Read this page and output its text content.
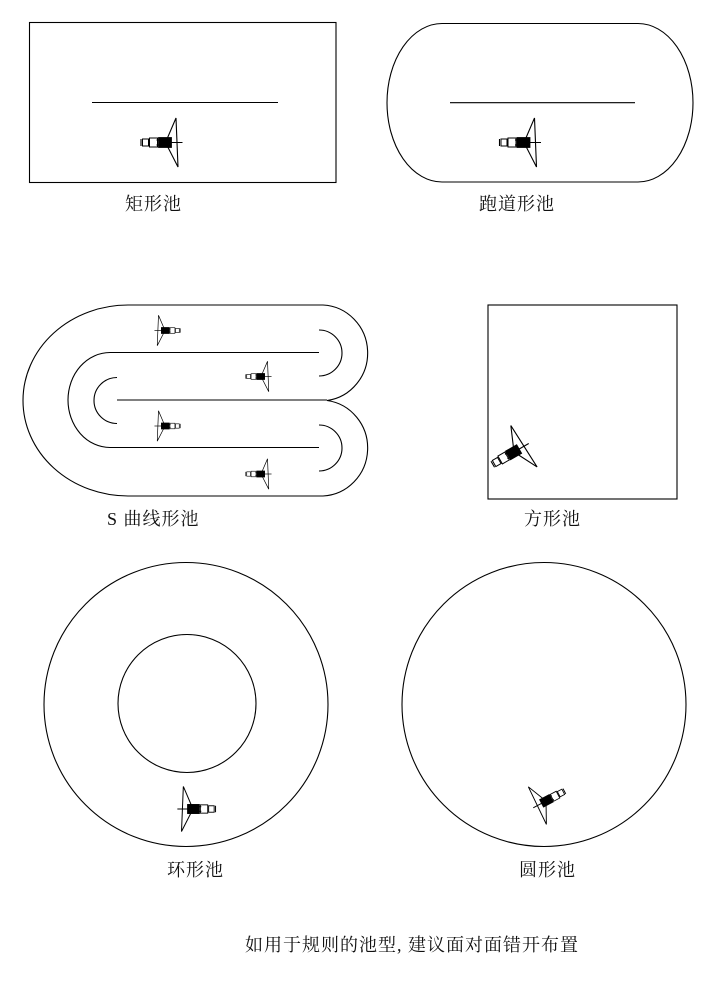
矩形池	跑道形池
S 曲线形池	方形池
环形池	圆形池
如用于规则的池型, 建议面对面错开布置
